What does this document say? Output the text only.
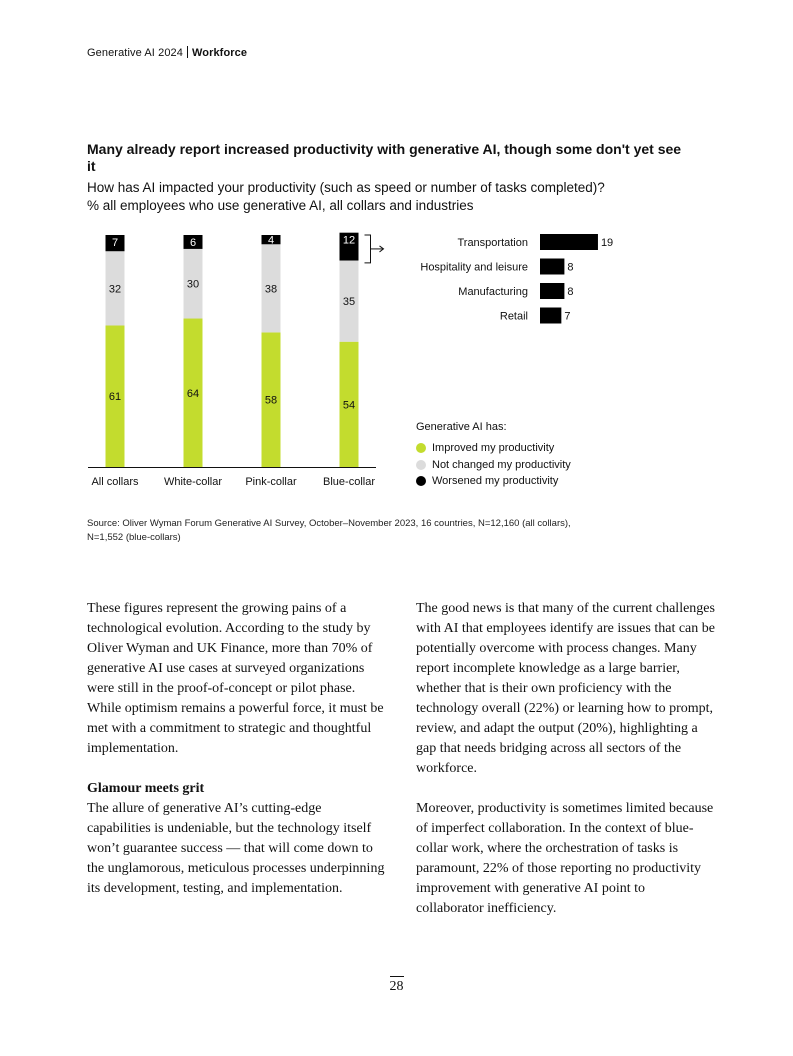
Generative AI 2024 Workforce
Many already report increased productivity with generative AI, though some don't yet see it
How has AI impacted your productivity (such as speed or number of tasks completed)?
% all employees who use generative AI, all collars and industries
61
32
7
All collars
64
30
6
White-collar
58
38
4
Pink-collar
54
35
12
Blue-collar
Transportation	19
Hospitality and leisure	8
Manufacturing	8
Retail	7
Generative AI has:
Improved my productivity
Not changed my productivity
Worsened my productivity
Source: Oliver Wyman Forum Generative AI Survey, October–November 2023, 16 countries, N=12,160 (all collars),
N=1,552 (blue-collars)

These figures represent the growing pains of a technological evolution. According to the study by Oliver Wyman and UK Finance, more than 70% of generative AI use cases at surveyed organizations were still in the proof-of-concept or pilot phase. While optimism remains a powerful force, it must be met with a commitment to strategic and thoughtful implementation.

Glamour meets grit

The allure of generative AI’s cutting-edge capabilities is undeniable, but the technology itself won’t guarantee success — that will come down to the unglamorous, meticulous processes underpinning its development, testing, and implementation.

The good news is that many of the current challenges with AI that employees identify are issues that can be potentially overcome with process changes. Many report incomplete knowledge as a large barrier, whether that is their own proficiency with the technology overall (22%) or learning how to prompt, review, and adapt the output (20%), highlighting a gap that needs bridging across all sectors of the workforce.

Moreover, productivity is sometimes limited because of imperfect collaboration. In the context of blue-collar work, where the orchestration of tasks is paramount, 22% of those reporting no productivity improvement with generative AI point to collaborator inefficiency.

28
